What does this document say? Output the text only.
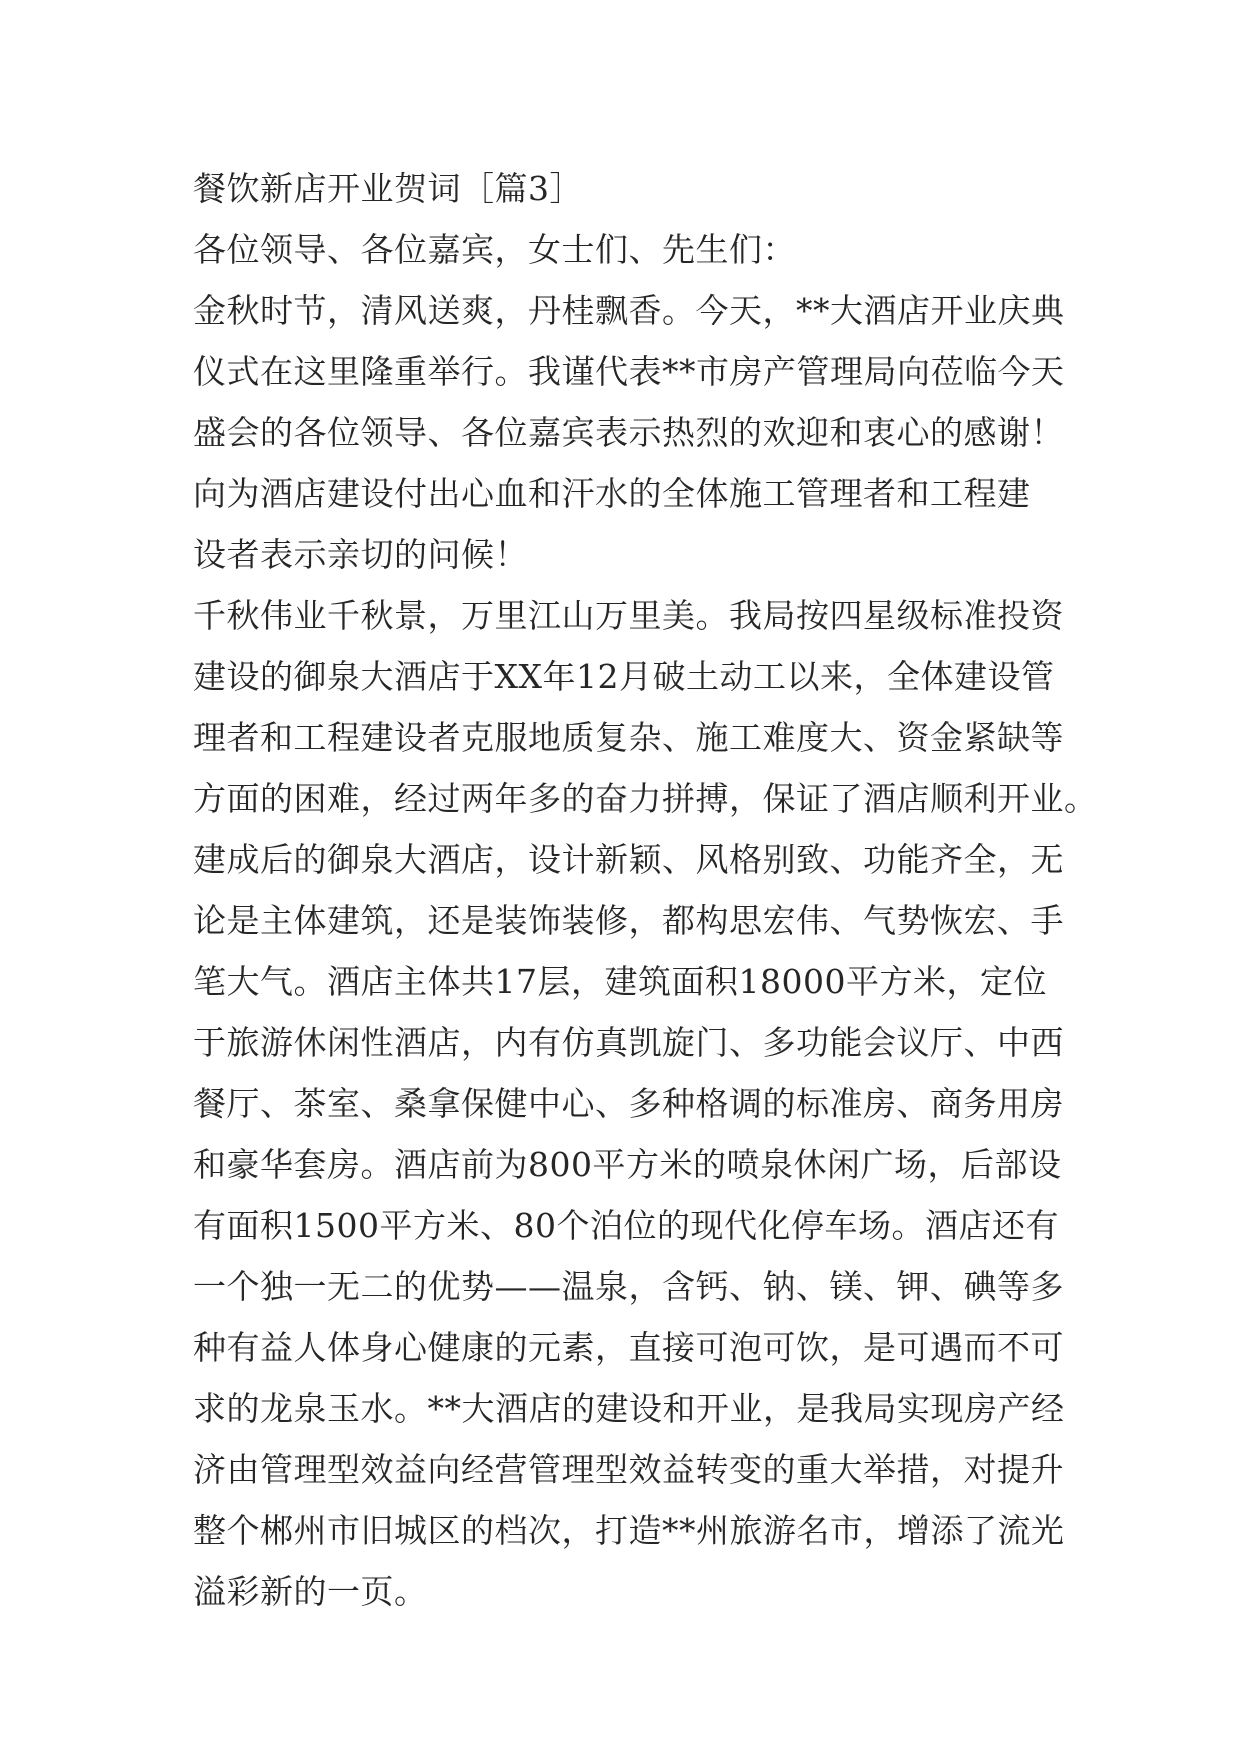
餐饮新店开业贺词［篇3］
各位领导、各位嘉宾，女士们、先生们：
金秋时节，清风送爽，丹桂飘香。今天，**大酒店开业庆典
仪式在这里隆重举行。我谨代表**市房产管理局向莅临今天
盛会的各位领导、各位嘉宾表示热烈的欢迎和衷心的感谢！
向为酒店建设付出心血和汗水的全体施工管理者和工程建
设者表示亲切的问候！
千秋伟业千秋景，万里江山万里美。我局按四星级标准投资
建设的御泉大酒店于XX年12月破土动工以来，全体建设管
理者和工程建设者克服地质复杂、施工难度大、资金紧缺等
方面的困难，经过两年多的奋力拼搏，保证了酒店顺利开业。
建成后的御泉大酒店，设计新颖、风格别致、功能齐全，无
论是主体建筑，还是装饰装修，都构思宏伟、气势恢宏、手
笔大气。酒店主体共17层，建筑面积18000平方米，定位
于旅游休闲性酒店，内有仿真凯旋门、多功能会议厅、中西
餐厅、茶室、桑拿保健中心、多种格调的标准房、商务用房
和豪华套房。酒店前为800平方米的喷泉休闲广场，后部设
有面积1500平方米、80个泊位的现代化停车场。酒店还有
一个独一无二的优势——温泉，含钙、钠、镁、钾、碘等多
种有益人体身心健康的元素，直接可泡可饮，是可遇而不可
求的龙泉玉水。**大酒店的建设和开业，是我局实现房产经
济由管理型效益向经营管理型效益转变的重大举措，对提升
整个郴州市旧城区的档次，打造**州旅游名市，增添了流光
溢彩新的一页。
